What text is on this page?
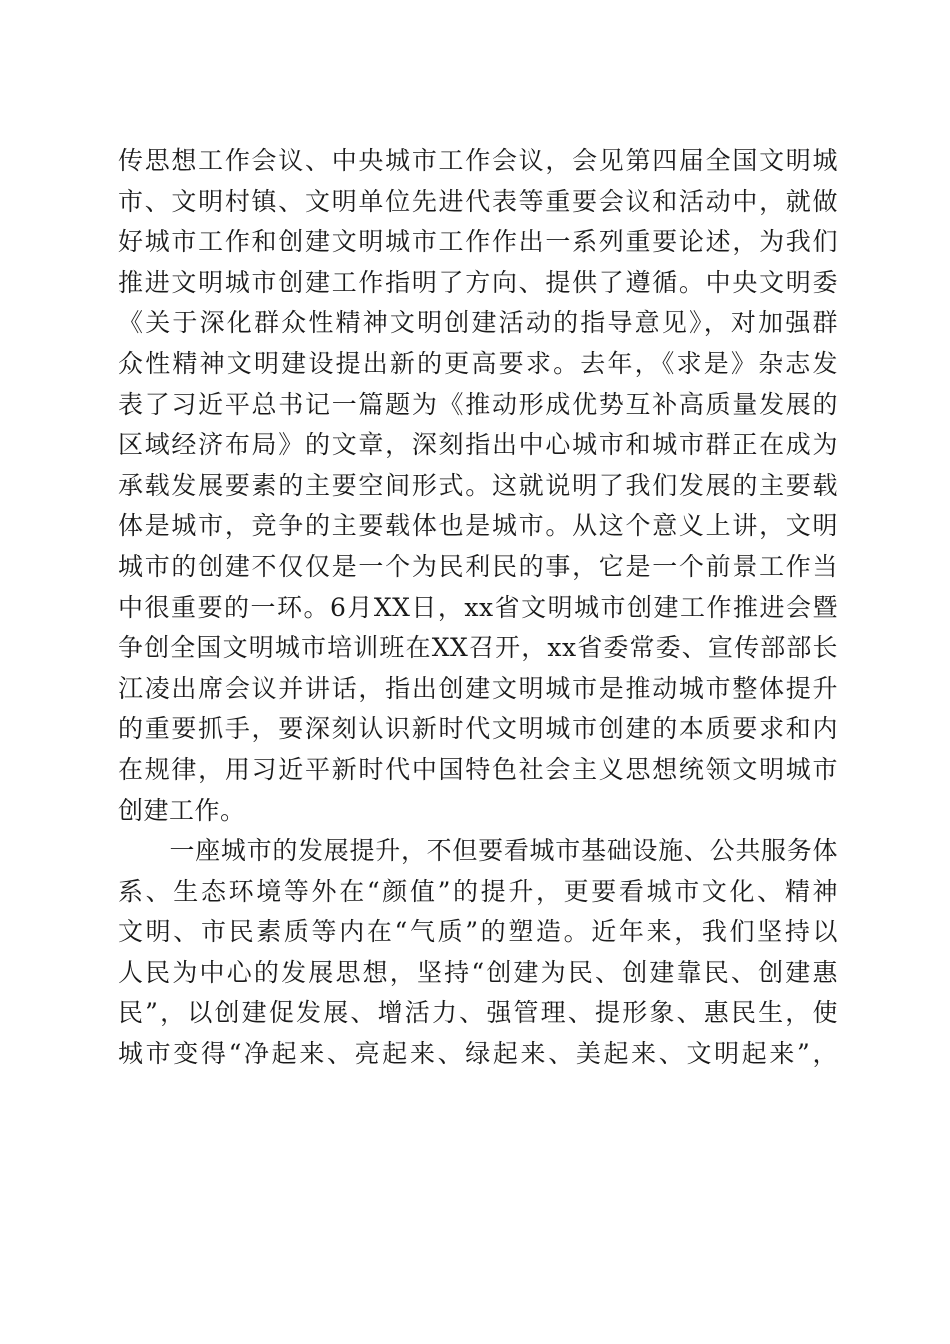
传思想工作会议、中央城市工作会议，会见第四届全国文明城
市、文明村镇、文明单位先进代表等重要会议和活动中，就做
好城市工作和创建文明城市工作作出一系列重要论述，为我们
推进文明城市创建工作指明了方向、提供了遵循。中央文明委
《关于深化群众性精神文明创建活动的指导意见》，对加强群
众性精神文明建设提出新的更高要求。去年，《求是》杂志发
表了习近平总书记一篇题为《推动形成优势互补高质量发展的
区域经济布局》的文章，深刻指出中心城市和城市群正在成为
承载发展要素的主要空间形式。这就说明了我们发展的主要载
体是城市，竞争的主要载体也是城市。从这个意义上讲，文明
城市的创建不仅仅是一个为民利民的事，它是一个前景工作当
中很重要的一环。6月XX日，xx省文明城市创建工作推进会暨
争创全国文明城市培训班在XX召开，xx省委常委、宣传部部长
江凌出席会议并讲话，指出创建文明城市是推动城市整体提升
的重要抓手，要深刻认识新时代文明城市创建的本质要求和内
在规律，用习近平新时代中国特色社会主义思想统领文明城市
创建工作。
　　一座城市的发展提升，不但要看城市基础设施、公共服务体
系、生态环境等外在“颜值”的提升，更要看城市文化、精神
文明、市民素质等内在“气质”的塑造。近年来，我们坚持以
人民为中心的发展思想，坚持“创建为民、创建靠民、创建惠
民”，以创建促发展、增活力、强管理、提形象、惠民生，使
城市变得“净起来、亮起来、绿起来、美起来、文明起来”，
